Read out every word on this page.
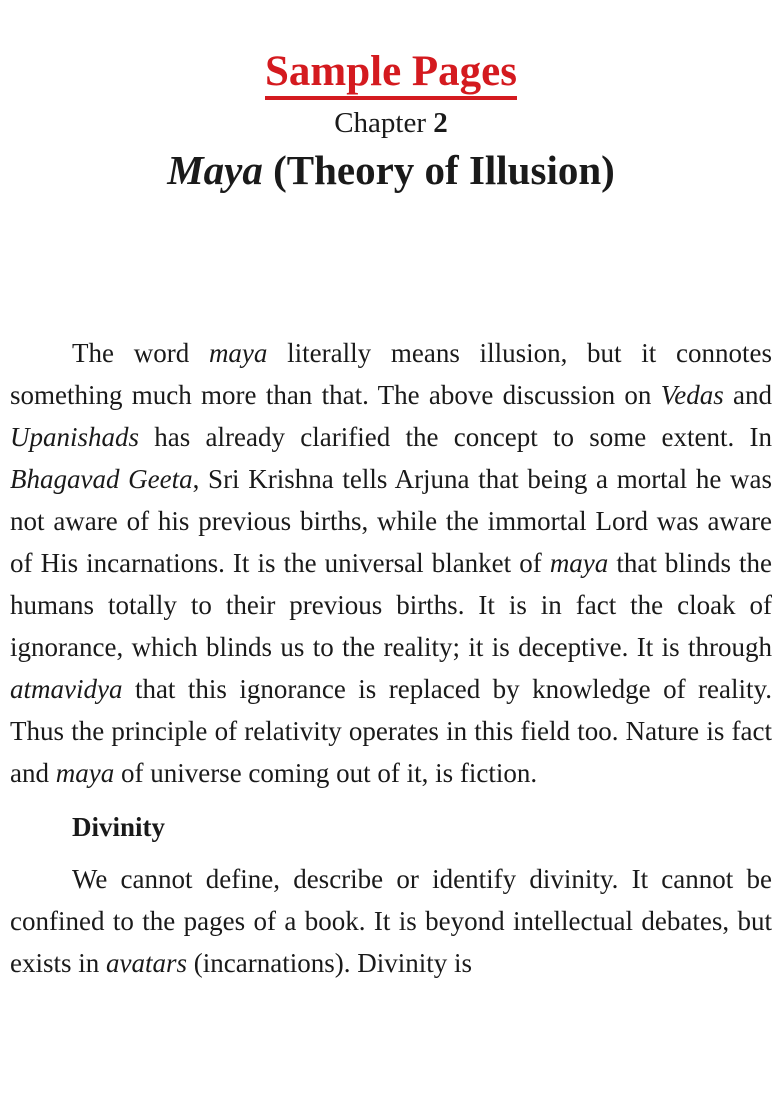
Sample Pages
Chapter 2
Maya (Theory of Illusion)

The word maya literally means illusion, but it connotes something much more than that. The above discussion on Vedas and Upanishads has already clarified the concept to some extent. In Bhagavad Geeta, Sri Krishna tells Arjuna that being a mortal he was not aware of his previous births, while the immortal Lord was aware of His incarnations. It is the universal blanket of maya that blinds the humans totally to their previous births. It is in fact the cloak of ignorance, which blinds us to the reality; it is deceptive. It is through atmavidya that this ignorance is replaced by knowledge of reality. Thus the principle of relativity operates in this field too. Nature is fact and maya of universe coming out of it, is fiction.

Divinity

We cannot define, describe or identify divinity. It cannot be confined to the pages of a book. It is beyond intellectual debates, but exists in avatars (incarnations). Divinity is
